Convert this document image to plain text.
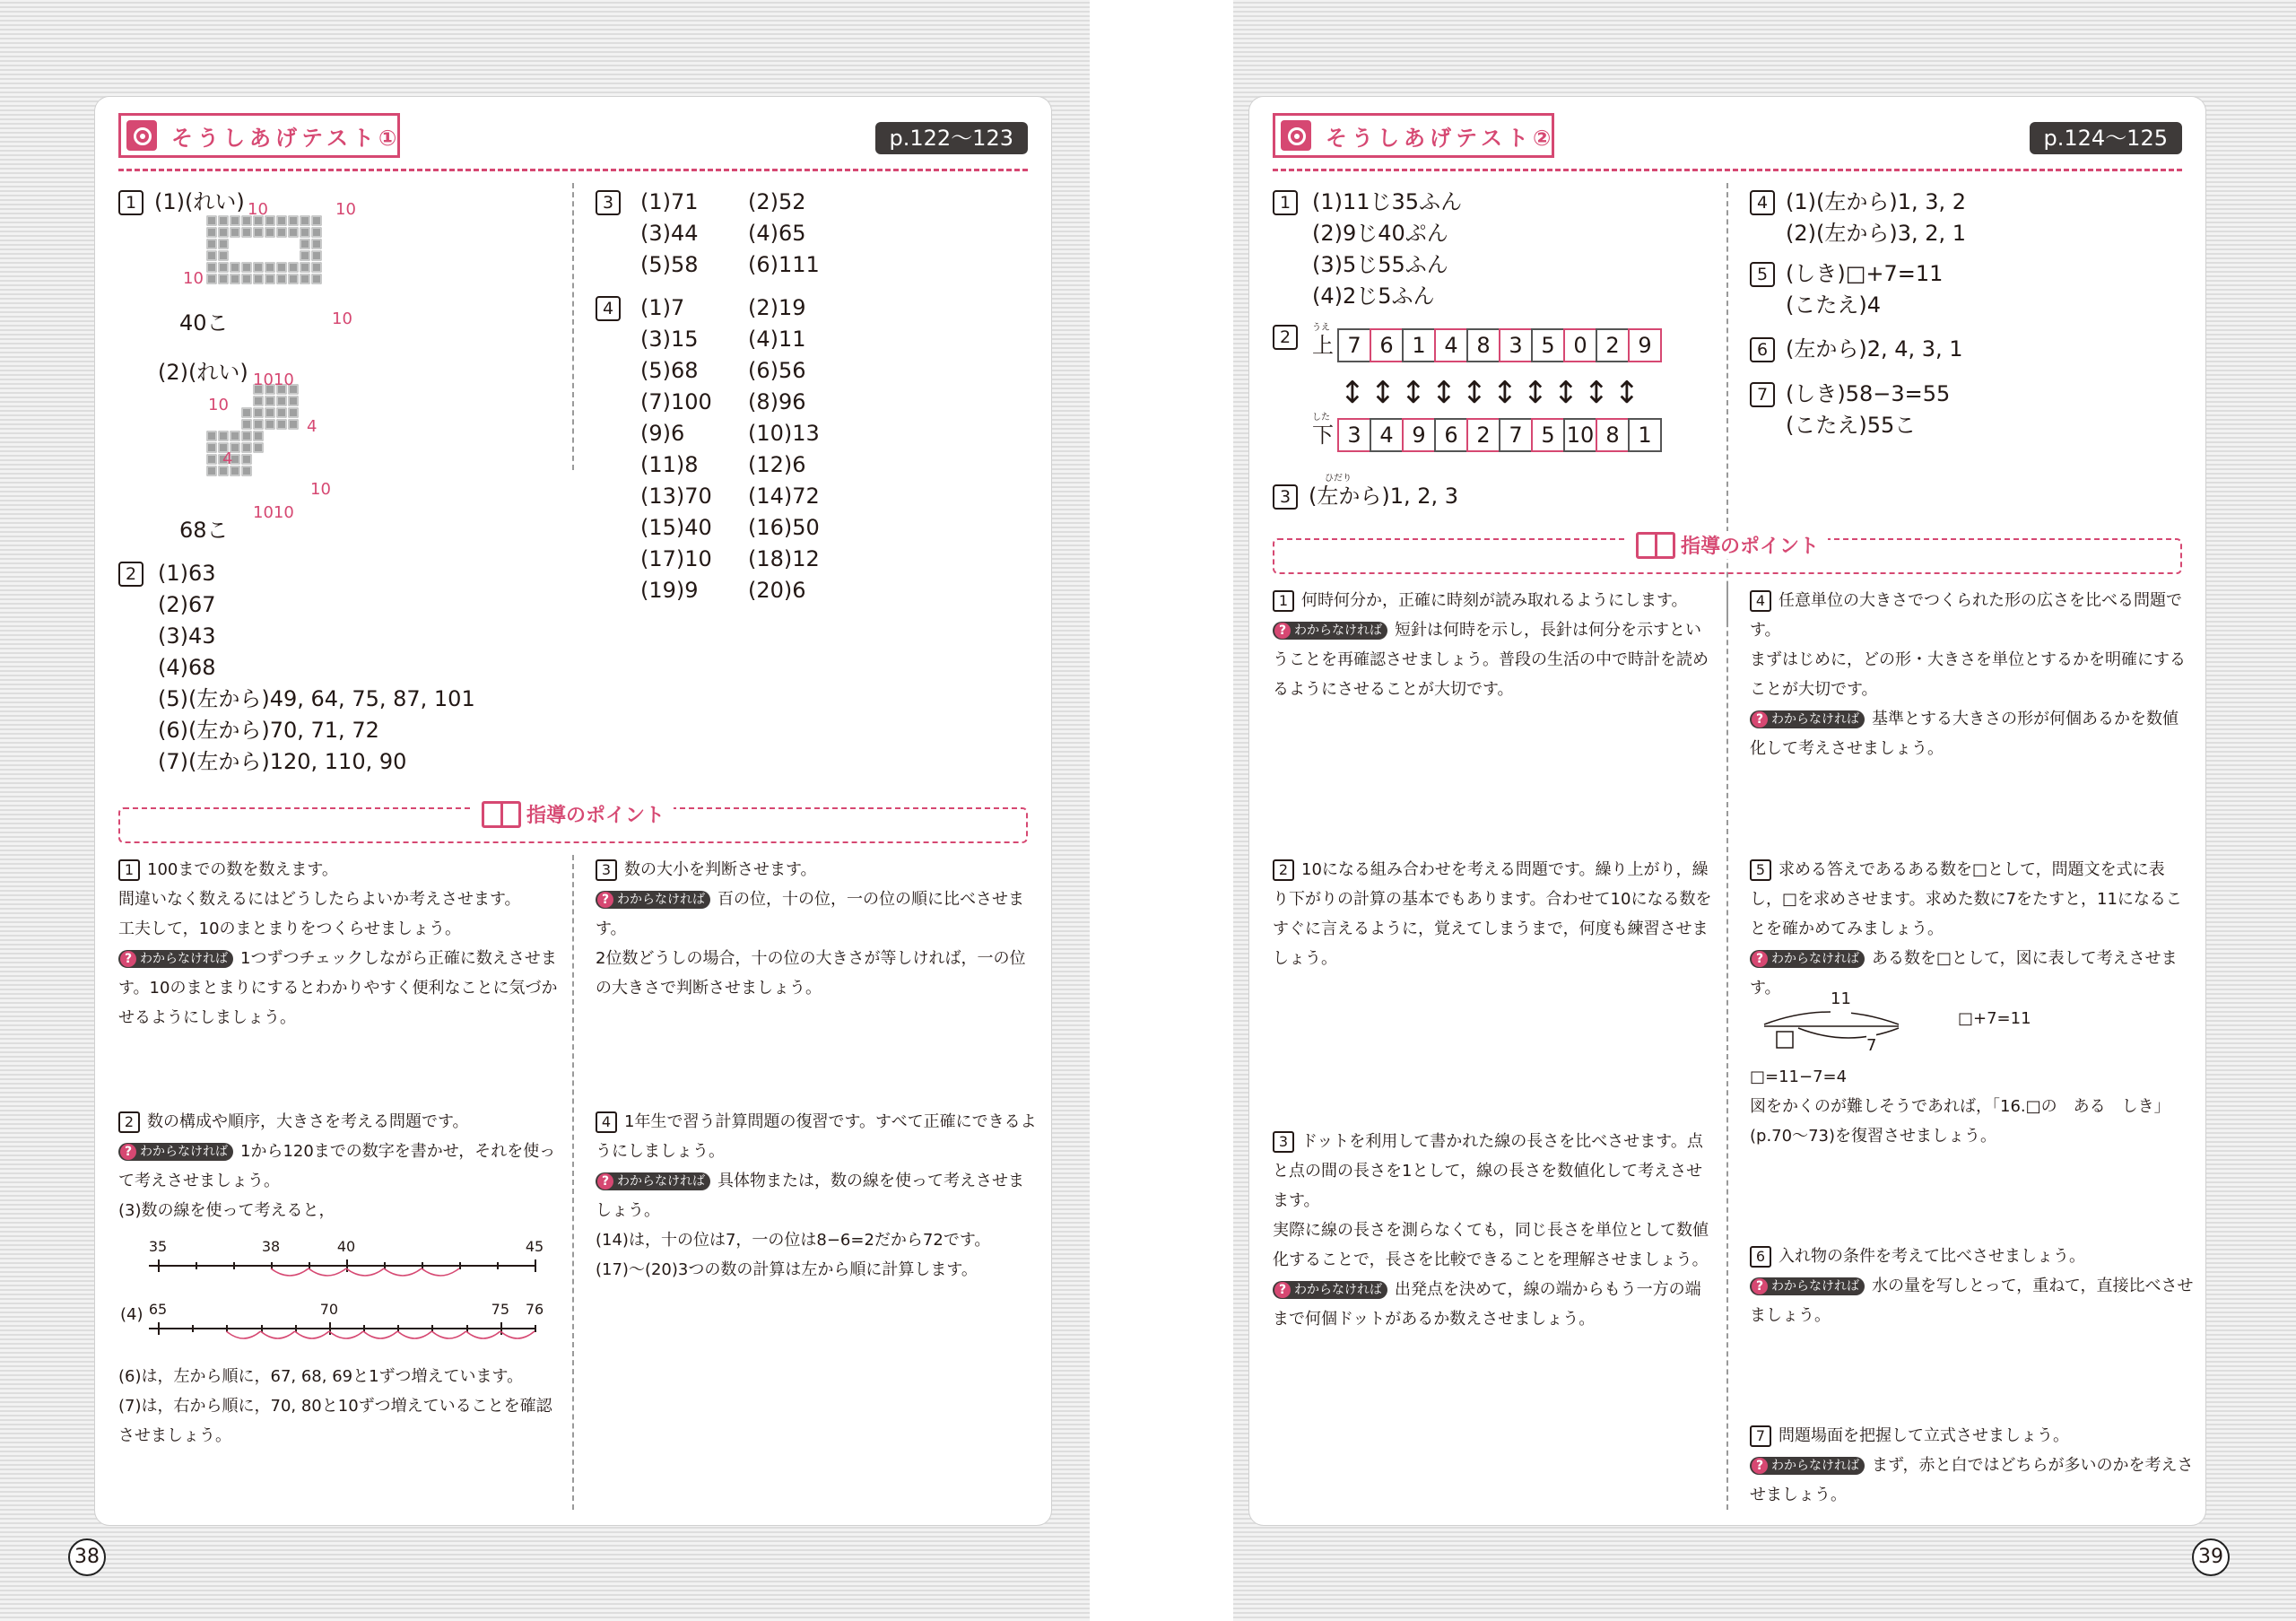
そうしあげテスト①	p.122〜123
1 (1)(れい) 10	10
10
10
40こ
(2)(れい) 1010
10
4
4
10
1010
68こ
2 (1)63
(2)67
(3)43
(4)68
(5)(左から)49, 64, 75, 87, 101
(6)(左から)70, 71, 72
(7)(左から)120, 110, 90
3	(1)71	(2)52
(3)44	(4)65
(5)58	(6)111
4	(1)7	(2)19
(3)15	(4)11
(5)68	(6)56
(7)100	(8)96
(9)6	(10)13
(11)8	(12)6
(13)70	(14)72
(15)40	(16)50
(17)10	(18)12
(19)9	(20)6
指導のポイント
1 100までの数を数えます。
間違いなく数えるにはどうしたらよいか考えさせます。
工夫して，10のまとまりをつくらせましょう。
? わからなければ 1つずつチェックしながら正確に数えさせます。10のまとまりにするとわかりやすく便利なことに気づかせるようにしましょう。
2 数の構成や順序，大きさを考える問題です。
? わからなければ 1から120までの数字を書かせ，それを使って考えさせましょう。
(3)数の線を使って考えると，
35	38	40	45
(4) 65	70	75 76
(6)は，左から順に，67, 68, 69と1ずつ増えています。
(7)は，右から順に，70, 80と10ずつ増えていることを確認させましょう。
3 数の大小を判断させます。
? わからなければ 百の位，十の位，一の位の順に比べさせます。
2位数どうしの場合，十の位の大きさが等しければ，一の位の大きさで判断させましょう。
4 1年生で習う計算問題の復習です。すべて正確にできるようにしましょう。
? わからなければ 具体物または，数の線を使って考えさせましょう。
(14)は，十の位は7，一の位は8−6=2だから72です。
(17)〜(20)3つの数の計算は左から順に計算します。
38
そうしあげテスト②	p.124〜125
1 (1)11じ35ふん
(2)9じ40ぷん
(3)5じ55ふん
(4)2じ5ふん
2	うえ
上 7 6 1 4 8 3 5 0 2 9
↕ ↕ ↕ ↕ ↕ ↕ ↕ ↕ ↕ ↕
した
下 3 4 9 6 2 7 5 10 8 1
ひだり
3 (左から)1, 2, 3
4 (1)(左から)1, 3, 2
(2)(左から)3, 2, 1
5 (しき)□+7=11
(こたえ)4
6 (左から)2, 4, 3, 1
7 (しき)58−3=55
(こたえ)55こ
指導のポイント
1 何時何分か，正確に時刻が読み取れるようにします。
? わからなければ 短針は何時を示し，長針は何分を示すということを再確認させましょう。普段の生活の中で時計を読めるようにさせることが大切です。
2 10になる組み合わせを考える問題です。繰り上がり，繰り下がりの計算の基本でもあります。合わせて10になる数をすぐに言えるように，覚えてしまうまで，何度も練習させましょう。
3 ドットを利用して書かれた線の長さを比べさせます。点と点の間の長さを1として，線の長さを数値化して考えさせます。
実際に線の長さを測らなくても，同じ長さを単位として数値化することで，長さを比較できることを理解させましょう。
? わからなければ 出発点を決めて，線の端からもう一方の端まで何個ドットがあるか数えさせましょう。
4 任意単位の大きさでつくられた形の広さを比べる問題です。
まずはじめに，どの形・大きさを単位とするかを明確にすることが大切です。
? わからなければ 基準とする大きさの形が何個あるかを数値化して考えさせましょう。
5 求める答えであるある数を□として，問題文を式に表し，□を求めさせます。求めた数に7をたすと，11になることを確かめてみましょう。
? わからなければ ある数を□として，図に表して考えさせます。
11
7
□+7=11
□=11−7=4
図をかくのが難しそうであれば，「16.□の　ある　しき」(p.70〜73)を復習させましょう。
6 入れ物の条件を考えて比べさせましょう。
? わからなければ 水の量を写しとって，重ねて，直接比べさせましょう。
7 問題場面を把握して立式させましょう。
? わからなければ まず，赤と白ではどちらが多いのかを考えさせましょう。
39
